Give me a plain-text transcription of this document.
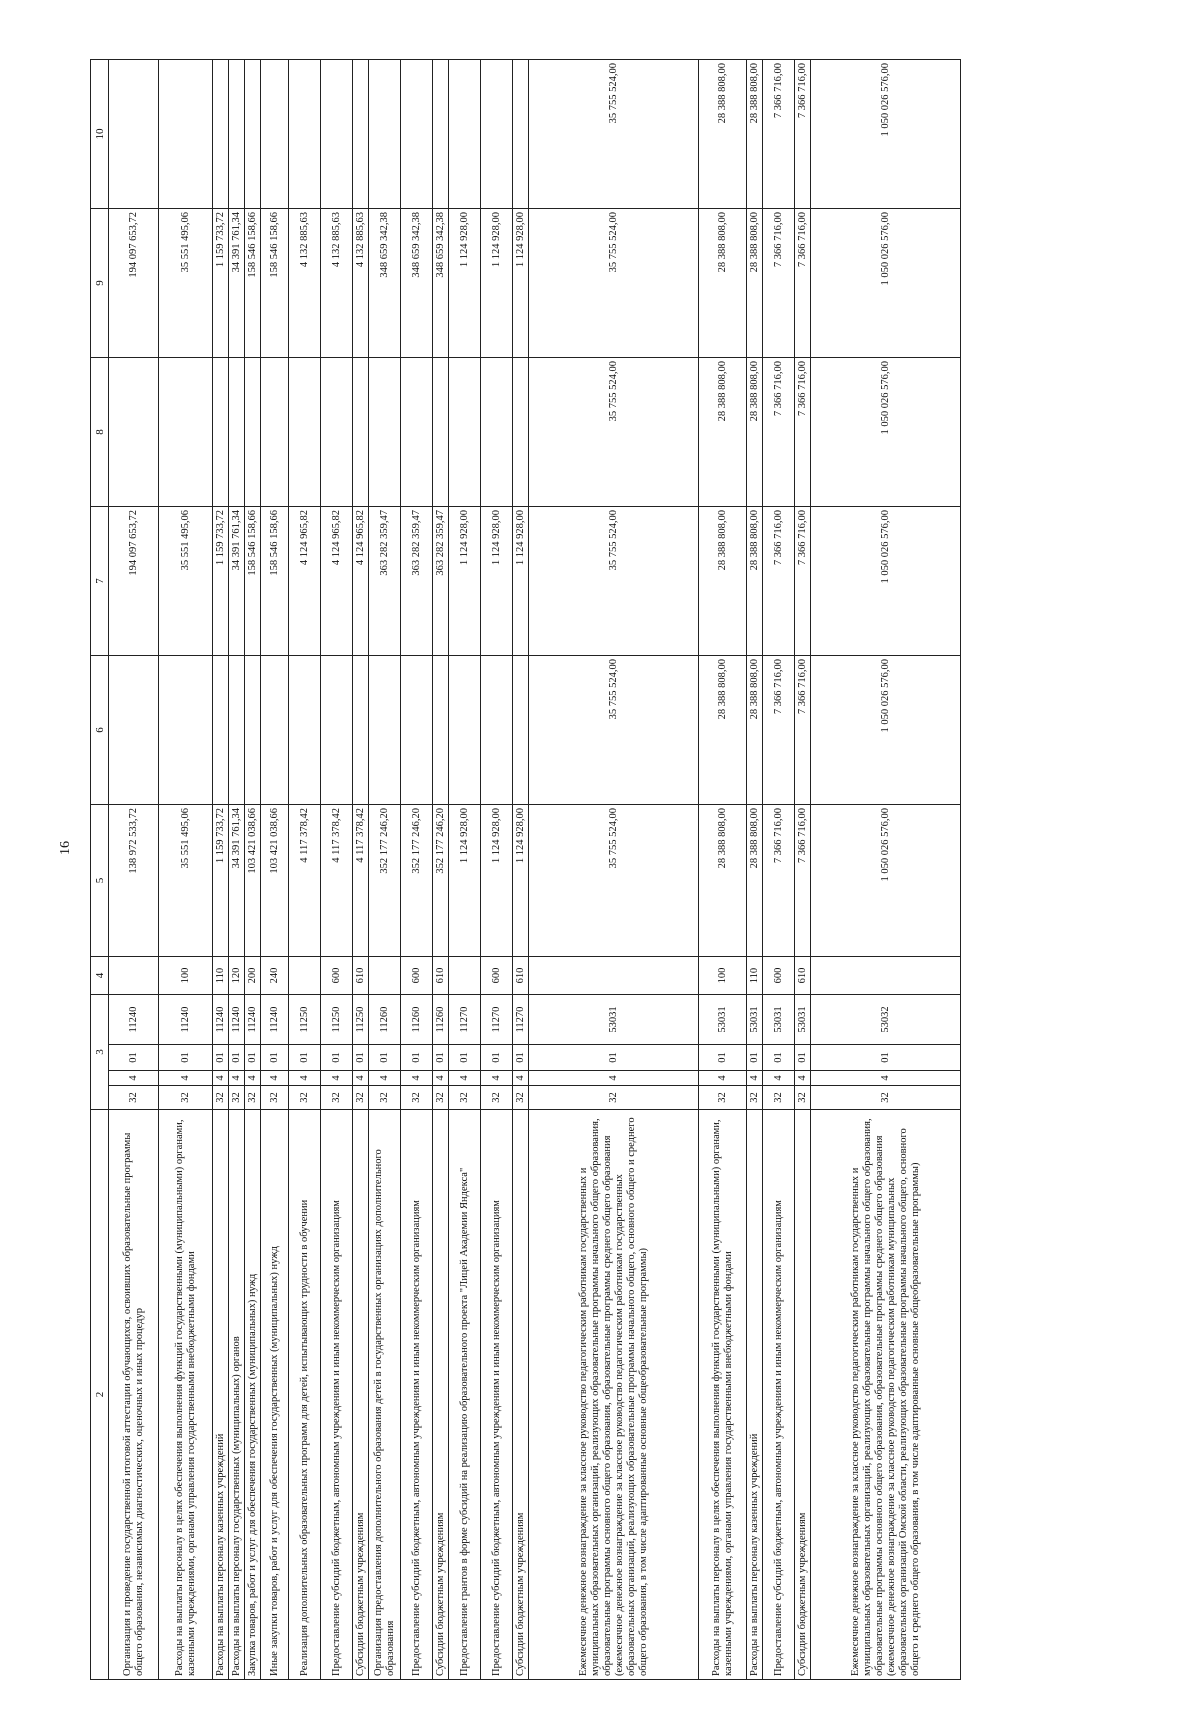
16
2	3				4	5	6	7	8	9	10
Организация и проведение государственной итоговой аттестации обучающихся, освоивших образовательные программы общего образования, независимых диагностических, оценочных и иных процедур	32	4	01	11240		138 972 533,72		194 097 653,72		194 097 653,72	
Расходы на выплаты персоналу в целях обеспечения выполнения функций государственными (муниципальными) органами, казенными учреждениями, органами управления государственными внебюджетными фондами	32	4	01	11240	100	35 551 495,06		35 551 495,06		35 551 495,06	
Расходы на выплаты персоналу казенных учреждений	32	4	01	11240	110	1 159 733,72		1 159 733,72		1 159 733,72	
Расходы на выплаты персоналу государственных (муниципальных) органов	32	4	01	11240	120	34 391 761,34		34 391 761,34		34 391 761,34	
Закупка товаров, работ и услуг для обеспечения государственных (муниципальных) нужд	32	4	01	11240	200	103 421 038,66		158 546 158,66		158 546 158,66	
Иные закупки товаров, работ и услуг для обеспечения государственных (муниципальных) нужд	32	4	01	11240	240	103 421 038,66		158 546 158,66		158 546 158,66	
Реализация дополнительных образовательных программ для детей, испытывающих трудности в обучении	32	4	01	11250		4 117 378,42		4 124 965,82		4 132 885,63	
Предоставление субсидий бюджетным, автономным учреждениям и иным некоммерческим организациям	32	4	01	11250	600	4 117 378,42		4 124 965,82		4 132 885,63	
Субсидии бюджетным учреждениям	32	4	01	11250	610	4 117 378,42		4 124 965,82		4 132 885,63	
Организация предоставления дополнительного образования детей в государственных организациях дополнительного образования	32	4	01	11260		352 177 246,20		363 282 359,47		348 659 342,38	
Предоставление субсидий бюджетным, автономным учреждениям и иным некоммерческим организациям	32	4	01	11260	600	352 177 246,20		363 282 359,47		348 659 342,38	
Субсидии бюджетным учреждениям	32	4	01	11260	610	352 177 246,20		363 282 359,47		348 659 342,38	
Предоставление грантов в форме субсидий на реализацию образовательного проекта "Лицей Академии Яндекса"	32	4	01	11270		1 124 928,00		1 124 928,00		1 124 928,00	
Предоставление субсидий бюджетным, автономным учреждениям и иным некоммерческим организациям	32	4	01	11270	600	1 124 928,00		1 124 928,00		1 124 928,00	
Субсидии бюджетным учреждениям	32	4	01	11270	610	1 124 928,00		1 124 928,00		1 124 928,00	
Ежемесячное денежное вознаграждение за классное руководство педагогическим работникам государственных и муниципальных образовательных организаций, реализующих образовательные программы начального общего образования, образовательные программы основного общего образования, образовательные программы среднего общего образования (ежемесячное денежное вознаграждение за классное руководство педагогическим работникам государственных образовательных организаций, реализующих образовательные программы начального общего, основного общего и среднего общего образования, в том числе адаптированные основные общеобразовательные программы)	32	4	01	53031		35 755 524,00	35 755 524,00	35 755 524,00	35 755 524,00	35 755 524,00	35 755 524,00
Расходы на выплаты персоналу в целях обеспечения выполнения функций государственными (муниципальными) органами, казенными учреждениями, органами управления государственными внебюджетными фондами	32	4	01	53031	100	28 388 808,00	28 388 808,00	28 388 808,00	28 388 808,00	28 388 808,00	28 388 808,00
Расходы на выплаты персоналу казенных учреждений	32	4	01	53031	110	28 388 808,00	28 388 808,00	28 388 808,00	28 388 808,00	28 388 808,00	28 388 808,00
Предоставление субсидий бюджетным, автономным учреждениям и иным некоммерческим организациям	32	4	01	53031	600	7 366 716,00	7 366 716,00	7 366 716,00	7 366 716,00	7 366 716,00	7 366 716,00
Субсидии бюджетным учреждениям	32	4	01	53031	610	7 366 716,00	7 366 716,00	7 366 716,00	7 366 716,00	7 366 716,00	7 366 716,00
Ежемесячное денежное вознаграждение за классное руководство педагогическим работникам государственных и муниципальных образовательных организаций, реализующих образовательные программы начального общего образования, образовательные программы основного общего образования, образовательные программы среднего общего образования (ежемесячное денежное вознаграждение за классное руководство педагогическим работникам муниципальных образовательных организаций Омской области, реализующих образовательные программы начального общего, основного общего и среднего общего образования, в том числе адаптированные основные общеобразовательные программы)	32	4	01	53032		1 050 026 576,00	1 050 026 576,00	1 050 026 576,00	1 050 026 576,00	1 050 026 576,00	1 050 026 576,00
